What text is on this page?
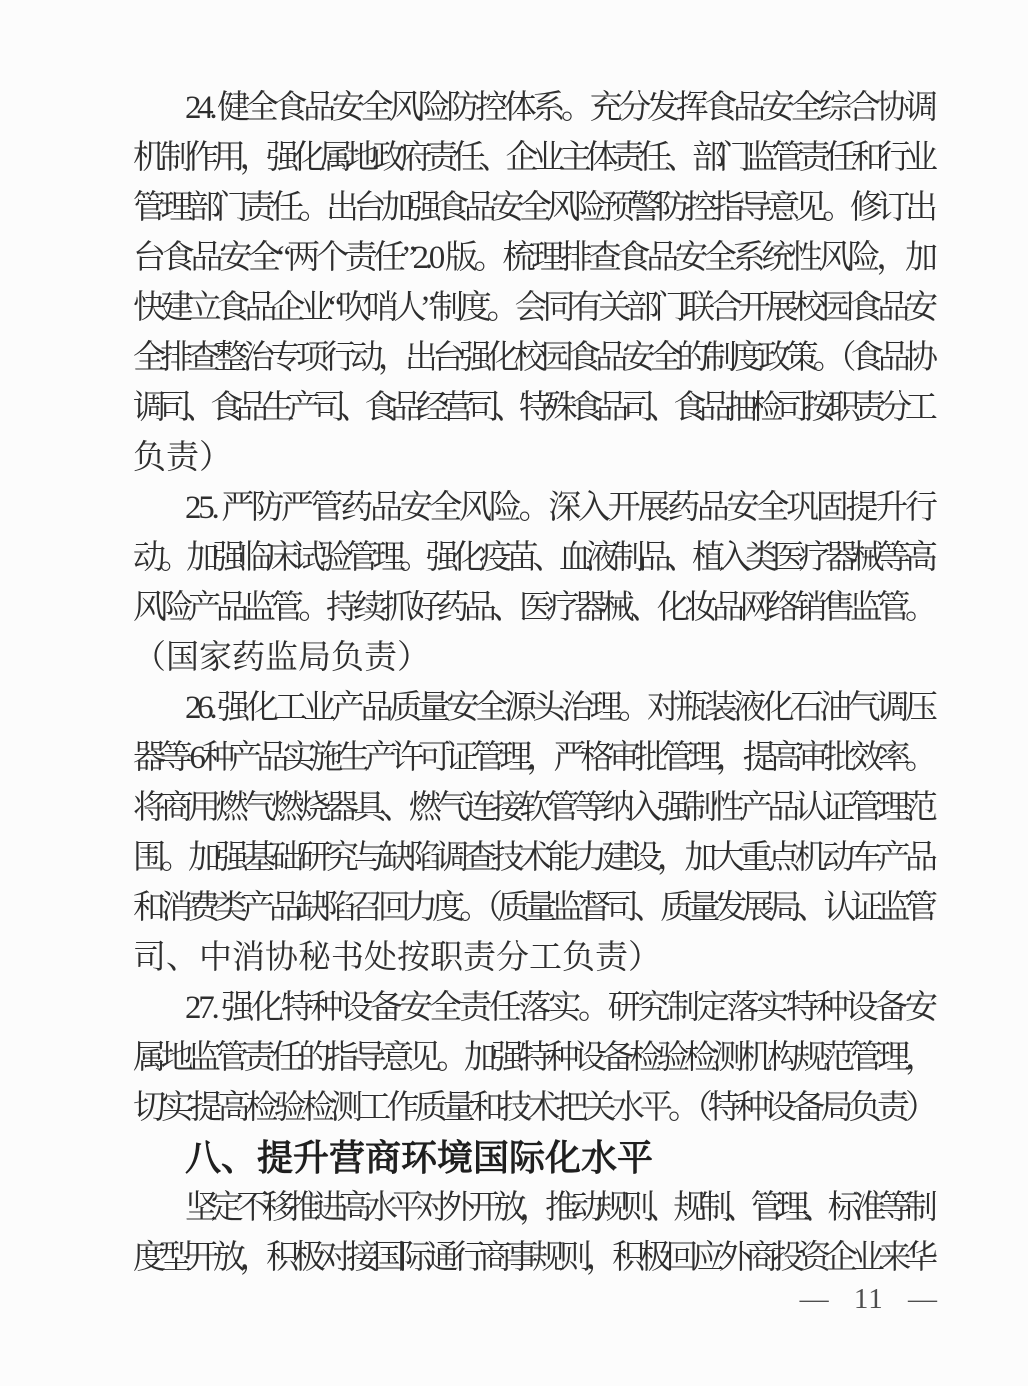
24. 健全食品安全风险防控体系。充分发挥食品安全综合协调
机制作用，强化属地政府责任、企业主体责任、部门监管责任和行业
管理部门责任。出台加强食品安全风险预警防控指导意见。修订出
台食品安全“两个责任”2.0 版。梳理排查食品安全系统性风险，加
快建立食品企业“吹哨人”制度。会同有关部门联合开展校园食品安
全排查整治专项行动，出台强化校园食品安全的制度政策。（食品协
调司、食品生产司、食品经营司、特殊食品司、食品抽检司按职责分工
负责）
25. 严防严管药品安全风险。深入开展药品安全巩固提升行
动。加强临床试验管理。强化疫苗、血液制品、植入类医疗器械等高
风险产品监管。持续抓好药品、医疗器械、化妆品网络销售监管。
（国家药监局负责）
26. 强化工业产品质量安全源头治理。对瓶装液化石油气调压
器等 6 种产品实施生产许可证管理，严格审批管理，提高审批效率。
将商用燃气燃烧器具、燃气连接软管等纳入强制性产品认证管理范
围。加强基础研究与缺陷调查技术能力建设，加大重点机动车产品
和消费类产品缺陷召回力度。（质量监督司、质量发展局、认证监管
司、中消协秘书处按职责分工负责）
27. 强化特种设备安全责任落实。研究制定落实特种设备安
属地监管责任的指导意见。加强特种设备检验检测机构规范管理，
切实提高检验检测工作质量和技术把关水平。（特种设备局负责）
八、提升营商环境国际化水平
坚定不移推进高水平对外开放，推动规则、规制、管理、标准等制
度型开放，积极对接国际通行商事规则，积极回应外商投资企业来华
— 11 —
